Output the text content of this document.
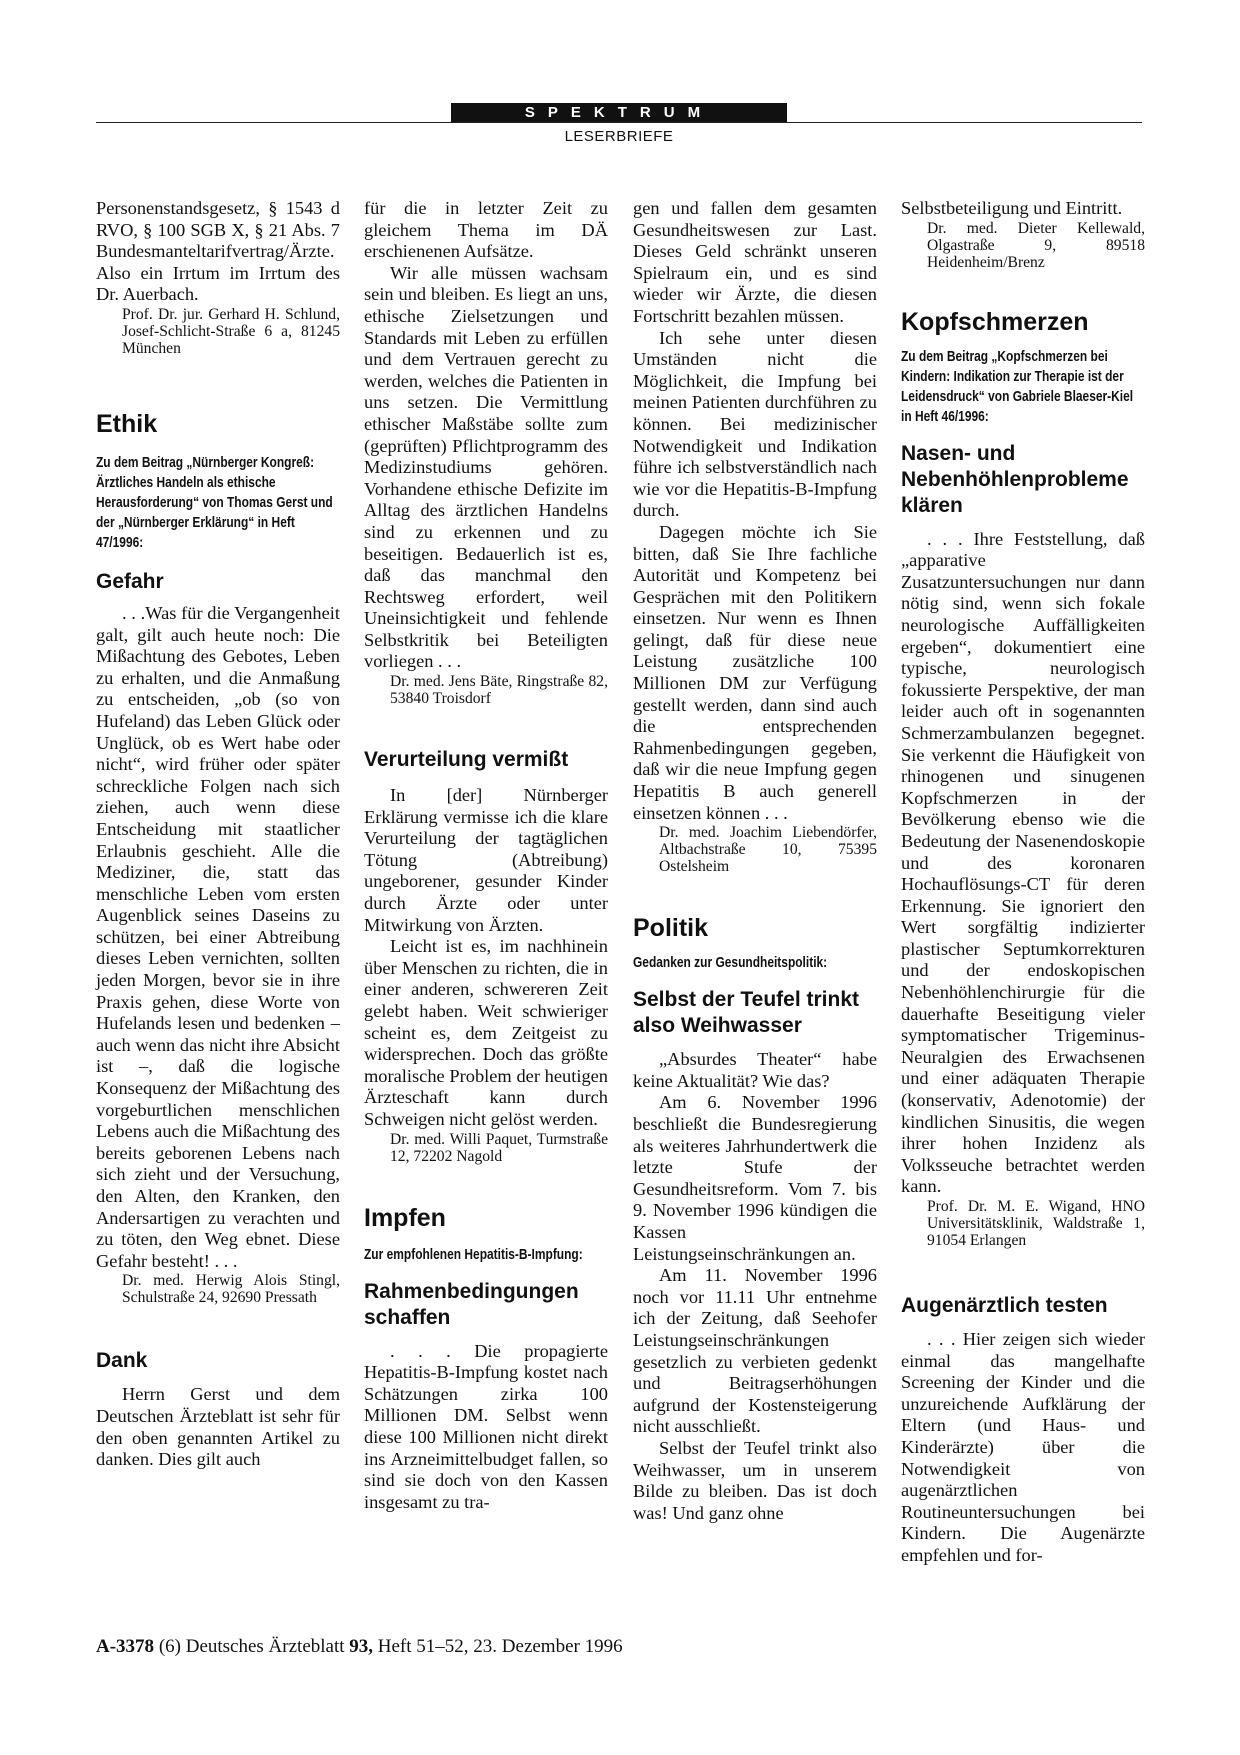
SPEKTRUM
LESERBRIEFE

Personenstandsgesetz, § 1543 d RVO, § 100 SGB X, § 21 Abs. 7 Bundesmanteltarifvertrag/Ärzte. Also ein Irrtum im Irrtum des Dr. Auerbach.

Prof. Dr. jur. Gerhard H. Schlund, Josef-Schlicht-Straße 6 a, 81245 München

Ethik
Zu dem Beitrag „Nürnberger Kongreß: Ärztliches Handeln als ethische Herausforderung“ von Thomas Gerst und der „Nürnberger Erklärung“ in Heft 47/1996:
Gefahr

. . .Was für die Vergangenheit galt, gilt auch heute noch: Die Mißachtung des Gebotes, Leben zu erhalten, und die Anmaßung zu entscheiden, „ob (so von Hufeland) das Leben Glück oder Unglück, ob es Wert habe oder nicht“, wird früher oder später schreckliche Folgen nach sich ziehen, auch wenn diese Entscheidung mit staatlicher Erlaubnis geschieht. Alle die Mediziner, die, statt das menschliche Leben vom ersten Augenblick seines Daseins zu schützen, bei einer Abtreibung dieses Leben vernichten, sollten jeden Morgen, bevor sie in ihre Praxis gehen, diese Worte von Hufelands lesen und bedenken – auch wenn das nicht ihre Absicht ist –, daß die logische Konsequenz der Mißachtung des vorgeburtlichen menschlichen Lebens auch die Mißachtung des bereits geborenen Lebens nach sich zieht und der Versuchung, den Alten, den Kranken, den Andersartigen zu verachten und zu töten, den Weg ebnet. Diese Gefahr besteht! . . .

Dr. med. Herwig Alois Stingl, Schulstraße 24, 92690 Pressath

Dank

Herrn Gerst und dem Deutschen Ärzteblatt ist sehr für den oben genannten Artikel zu danken. Dies gilt auch

für die in letzter Zeit zu gleichem Thema im DÄ erschienenen Aufsätze.

Wir alle müssen wachsam sein und bleiben. Es liegt an uns, ethische Zielsetzungen und Standards mit Leben zu erfüllen und dem Vertrauen gerecht zu werden, welches die Patienten in uns setzen. Die Vermittlung ethischer Maßstäbe sollte zum (geprüften) Pflichtprogramm des Medizinstudiums gehören. Vorhandene ethische Defizite im Alltag des ärztlichen Handelns sind zu erkennen und zu beseitigen. Bedauerlich ist es, daß das manchmal den Rechtsweg erfordert, weil Uneinsichtigkeit und fehlende Selbstkritik bei Beteiligten vorliegen . . .

Dr. med. Jens Bäte, Ringstraße 82, 53840 Troisdorf

Verurteilung vermißt

In [der] Nürnberger Erklärung vermisse ich die klare Verurteilung der tagtäglichen Tötung (Abtreibung) ungeborener, gesunder Kinder durch Ärzte oder unter Mitwirkung von Ärzten.

Leicht ist es, im nachhinein über Menschen zu richten, die in einer anderen, schwereren Zeit gelebt haben. Weit schwieriger scheint es, dem Zeitgeist zu widersprechen. Doch das größte moralische Problem der heutigen Ärzteschaft kann durch Schweigen nicht gelöst werden.

Dr. med. Willi Paquet, Turmstraße 12, 72202 Nagold

Impfen
Zur empfohlenen Hepatitis-B-Impfung:
Rahmenbedingungen schaffen

. . . Die propagierte Hepatitis-B-Impfung kostet nach Schätzungen zirka 100 Millionen DM. Selbst wenn diese 100 Millionen nicht direkt ins Arzneimittelbudget fallen, so sind sie doch von den Kassen insgesamt zu tra-

gen und fallen dem gesamten Gesundheitswesen zur Last. Dieses Geld schränkt unseren Spielraum ein, und es sind wieder wir Ärzte, die diesen Fortschritt bezahlen müssen.

Ich sehe unter diesen Umständen nicht die Möglichkeit, die Impfung bei meinen Patienten durchführen zu können. Bei medizinischer Notwendigkeit und Indikation führe ich selbstverständlich nach wie vor die Hepatitis-B-Impfung durch.

Dagegen möchte ich Sie bitten, daß Sie Ihre fachliche Autorität und Kompetenz bei Gesprächen mit den Politikern einsetzen. Nur wenn es Ihnen gelingt, daß für diese neue Leistung zusätzliche 100 Millionen DM zur Verfügung gestellt werden, dann sind auch die entsprechenden Rahmenbedingungen gegeben, daß wir die neue Impfung gegen Hepatitis B auch generell einsetzen können . . .

Dr. med. Joachim Liebendörfer, Altbachstraße 10, 75395 Ostelsheim

Politik
Gedanken zur Gesundheitspolitik:
Selbst der Teufel trinkt also Weihwasser

„Absurdes Theater“ habe keine Aktualität? Wie das?

Am 6. November 1996 beschließt die Bundesregierung als weiteres Jahrhundertwerk die letzte Stufe der Gesundheitsreform. Vom 7. bis 9. November 1996 kündigen die Kassen Leistungseinschränkungen an.

Am 11. November 1996 noch vor 11.11 Uhr entnehme ich der Zeitung, daß Seehofer Leistungseinschränkungen gesetzlich zu verbieten gedenkt und Beitragserhöhungen aufgrund der Kostensteigerung nicht ausschließt.

Selbst der Teufel trinkt also Weihwasser, um in unserem Bilde zu bleiben. Das ist doch was! Und ganz ohne

Selbstbeteiligung und Eintritt.

Dr. med. Dieter Kellewald, Olgastraße 9, 89518 Heidenheim/Brenz

Kopfschmerzen
Zu dem Beitrag „Kopfschmerzen bei Kindern: Indikation zur Therapie ist der Leidensdruck“ von Gabriele Blaeser-Kiel in Heft 46/1996:
Nasen- und Nebenhöhlenprobleme klären

. . . Ihre Feststellung, daß „apparative Zusatzuntersuchungen nur dann nötig sind, wenn sich fokale neurologische Auffälligkeiten ergeben“, dokumentiert eine typische, neurologisch fokussierte Perspektive, der man leider auch oft in sogenannten Schmerzambulanzen begegnet. Sie verkennt die Häufigkeit von rhinogenen und sinugenen Kopfschmerzen in der Bevölkerung ebenso wie die Bedeutung der Nasenendoskopie und des koronaren Hochauflösungs-CT für deren Erkennung. Sie ignoriert den Wert sorgfältig indizierter plastischer Septumkorrekturen und der endoskopischen Nebenhöhlenchirurgie für die dauerhafte Beseitigung vieler symptomatischer Trigeminus-Neuralgien des Erwachsenen und einer adäquaten Therapie (konservativ, Adenotomie) der kindlichen Sinusitis, die wegen ihrer hohen Inzidenz als Volksseuche betrachtet werden kann.

Prof. Dr. M. E. Wigand, HNO Universitätsklinik, Waldstraße 1, 91054 Erlangen

Augenärztlich testen

. . . Hier zeigen sich wieder einmal das mangelhafte Screening der Kinder und die unzureichende Aufklärung der Eltern (und Haus- und Kinderärzte) über die Notwendigkeit von augenärztlichen Routineuntersuchungen bei Kindern. Die Augenärzte empfehlen und for-

A-3378 (6) Deutsches Ärzteblatt 93, Heft 51–52, 23. Dezember 1996
